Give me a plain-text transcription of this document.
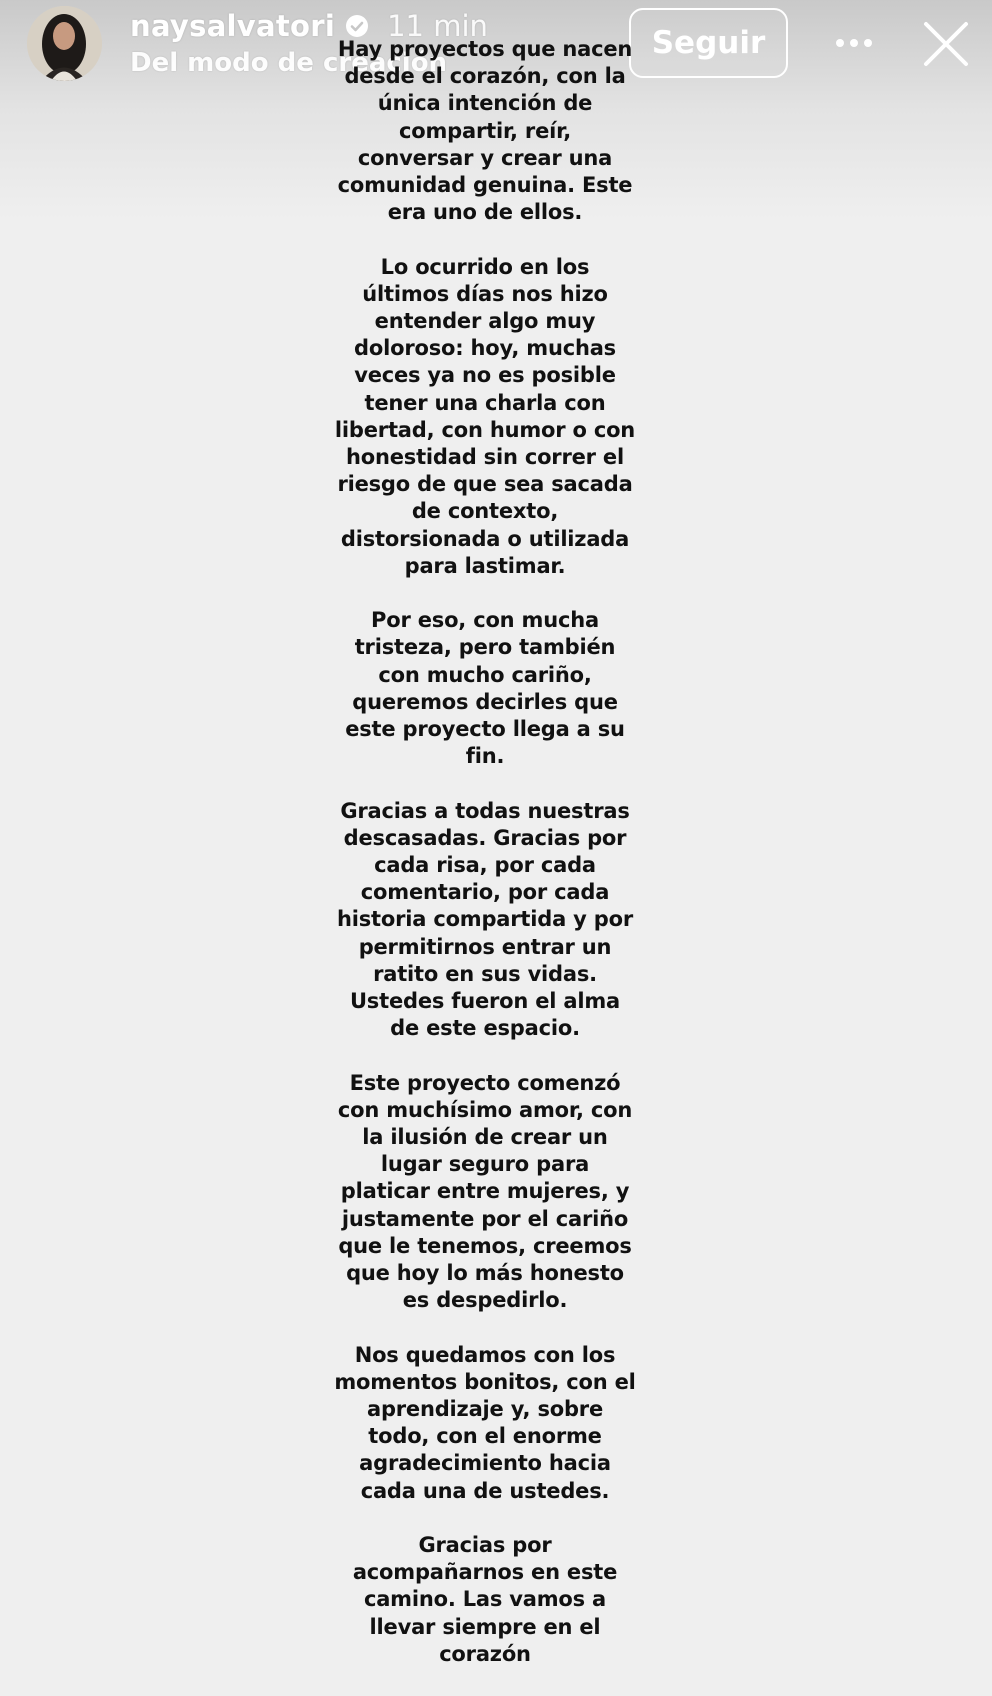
naysalvatori 11 min
Del modo de creación
Seguir

Hay proyectos que nacen
desde el corazón, con la
única intención de
compartir, reír,
conversar y crear una
comunidad genuina. Este
era uno de ellos.

Lo ocurrido en los
últimos días nos hizo
entender algo muy
doloroso: hoy, muchas
veces ya no es posible
tener una charla con
libertad, con humor o con
honestidad sin correr el
riesgo de que sea sacada
de contexto,
distorsionada o utilizada
para lastimar.

Por eso, con mucha
tristeza, pero también
con mucho cariño,
queremos decirles que
este proyecto llega a su
fin.

Gracias a todas nuestras
descasadas. Gracias por
cada risa, por cada
comentario, por cada
historia compartida y por
permitirnos entrar un
ratito en sus vidas.
Ustedes fueron el alma
de este espacio.

Este proyecto comenzó
con muchísimo amor, con
la ilusión de crear un
lugar seguro para
platicar entre mujeres, y
justamente por el cariño
que le tenemos, creemos
que hoy lo más honesto
es despedirlo.

Nos quedamos con los
momentos bonitos, con el
aprendizaje y, sobre
todo, con el enorme
agradecimiento hacia
cada una de ustedes.

Gracias por
acompañarnos en este
camino. Las vamos a
llevar siempre en el
corazón
